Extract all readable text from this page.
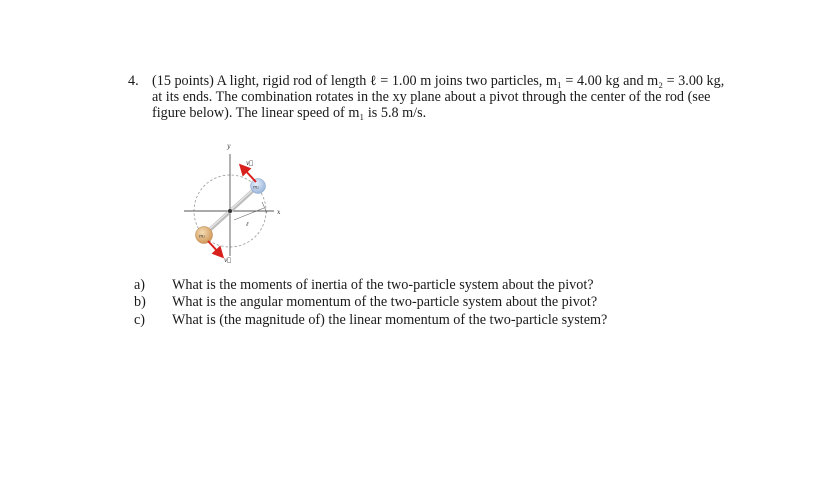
4. (15 points) A light, rigid rod of length ℓ = 1.00 m joins two particles, m₁ = 4.00 kg and m₂ = 3.00 kg, at its ends. The combination rotates in the xy plane about a pivot through the center of the rod (see figure below). The linear speed of m₁ is 5.8 m/s.
y
x
ℓ
m₂
m₁
v⃗
v⃗
a) What is the moments of inertia of the two-particle system about the pivot?
b) What is the angular momentum of the two-particle system about the pivot?
c) What is (the magnitude of) the linear momentum of the two-particle system?
